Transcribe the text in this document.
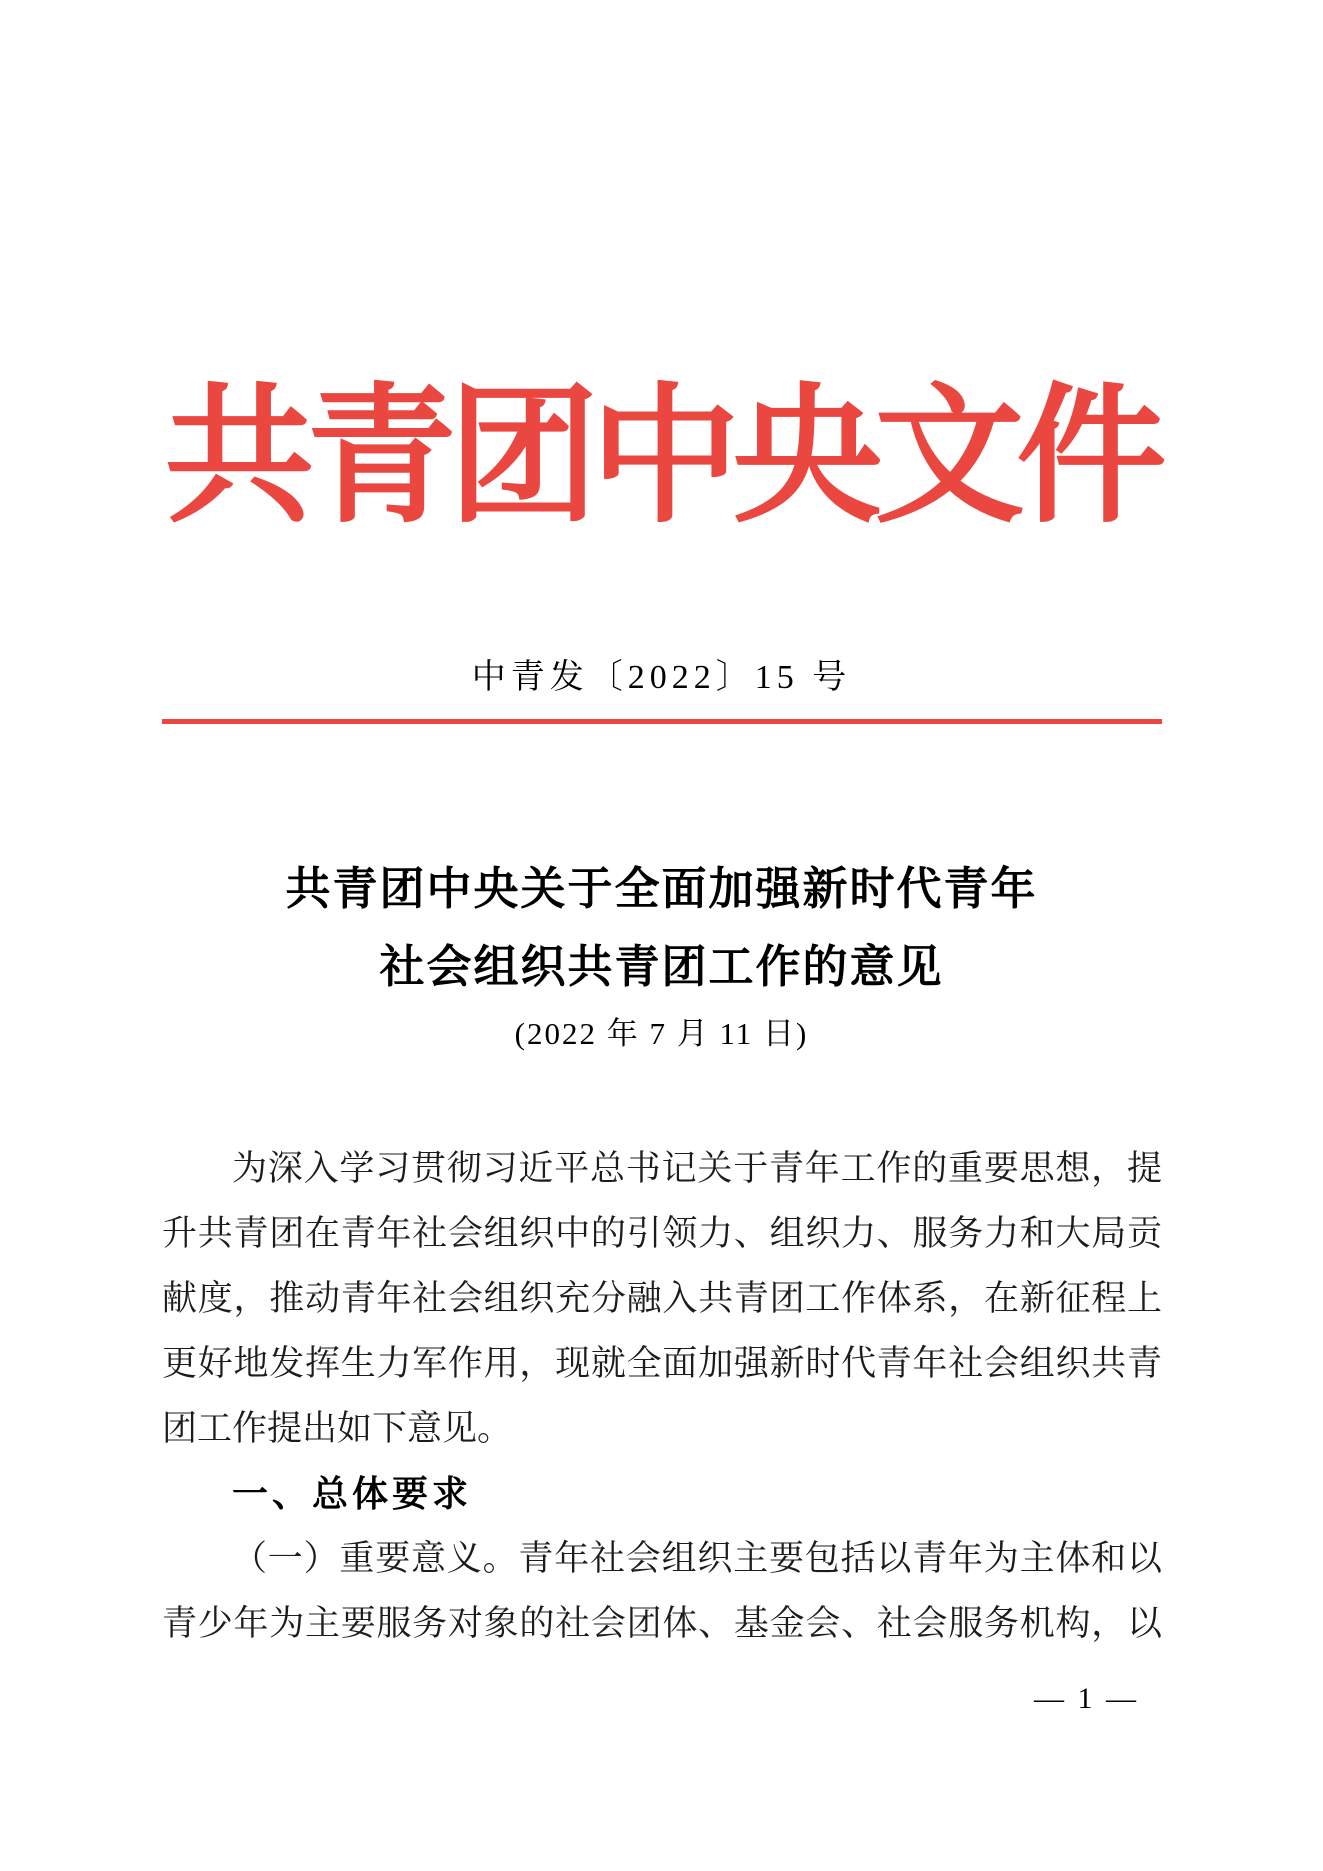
共青团中央文件
中青发〔2022〕15 号
共青团中央关于全面加强新时代青年
社会组织共青团工作的意见
(2022 年 7 月 11 日)
为深入学习贯彻习近平总书记关于青年工作的重要思想，提
升共青团在青年社会组织中的引领力、组织力、服务力和大局贡
献度，推动青年社会组织充分融入共青团工作体系，在新征程上
更好地发挥生力军作用，现就全面加强新时代青年社会组织共青
团工作提出如下意见。
一、总体要求
（一）重要意义。青年社会组织主要包括以青年为主体和以
青少年为主要服务对象的社会团体、基金会、社会服务机构，以
— 1 —
